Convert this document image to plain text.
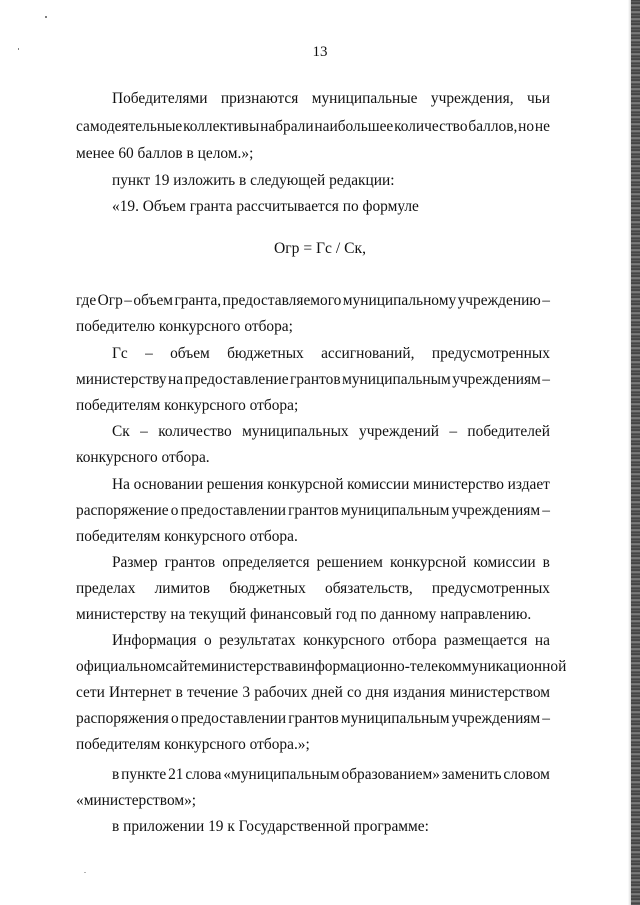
13
Победителями признаются муниципальные учреждения, чьи
самодеятельные коллективы набрали наибольшее количество баллов, но не
менее 60 баллов в целом.»;
пункт 19 изложить в следующей редакции:
«19. Объем гранта рассчитывается по формуле
Огр = Гс / Ск,
где Огр – объем гранта, предоставляемого муниципальному учреждению –
победителю конкурсного отбора;
Гс – объем бюджетных ассигнований, предусмотренных
министерству на предоставление грантов муниципальным учреждениям –
победителям конкурсного отбора;
Ск – количество муниципальных учреждений – победителей
конкурсного отбора.
На основании решения конкурсной комиссии министерство издает
распоряжение о предоставлении грантов муниципальным учреждениям –
победителям конкурсного отбора.
Размер грантов определяется решением конкурсной комиссии в
пределах лимитов бюджетных обязательств, предусмотренных
министерству на текущий финансовый год по данному направлению.
Информация о результатах конкурсного отбора размещается на
официальном сайте министерства в информационно-телекоммуникационной
сети Интернет в течение 3 рабочих дней со дня издания министерством
распоряжения о предоставлении грантов муниципальным учреждениям –
победителям конкурсного отбора.»;
в пункте 21 слова «муниципальным образованием» заменить словом
«министерством»;
в приложении 19 к Государственной программе:
